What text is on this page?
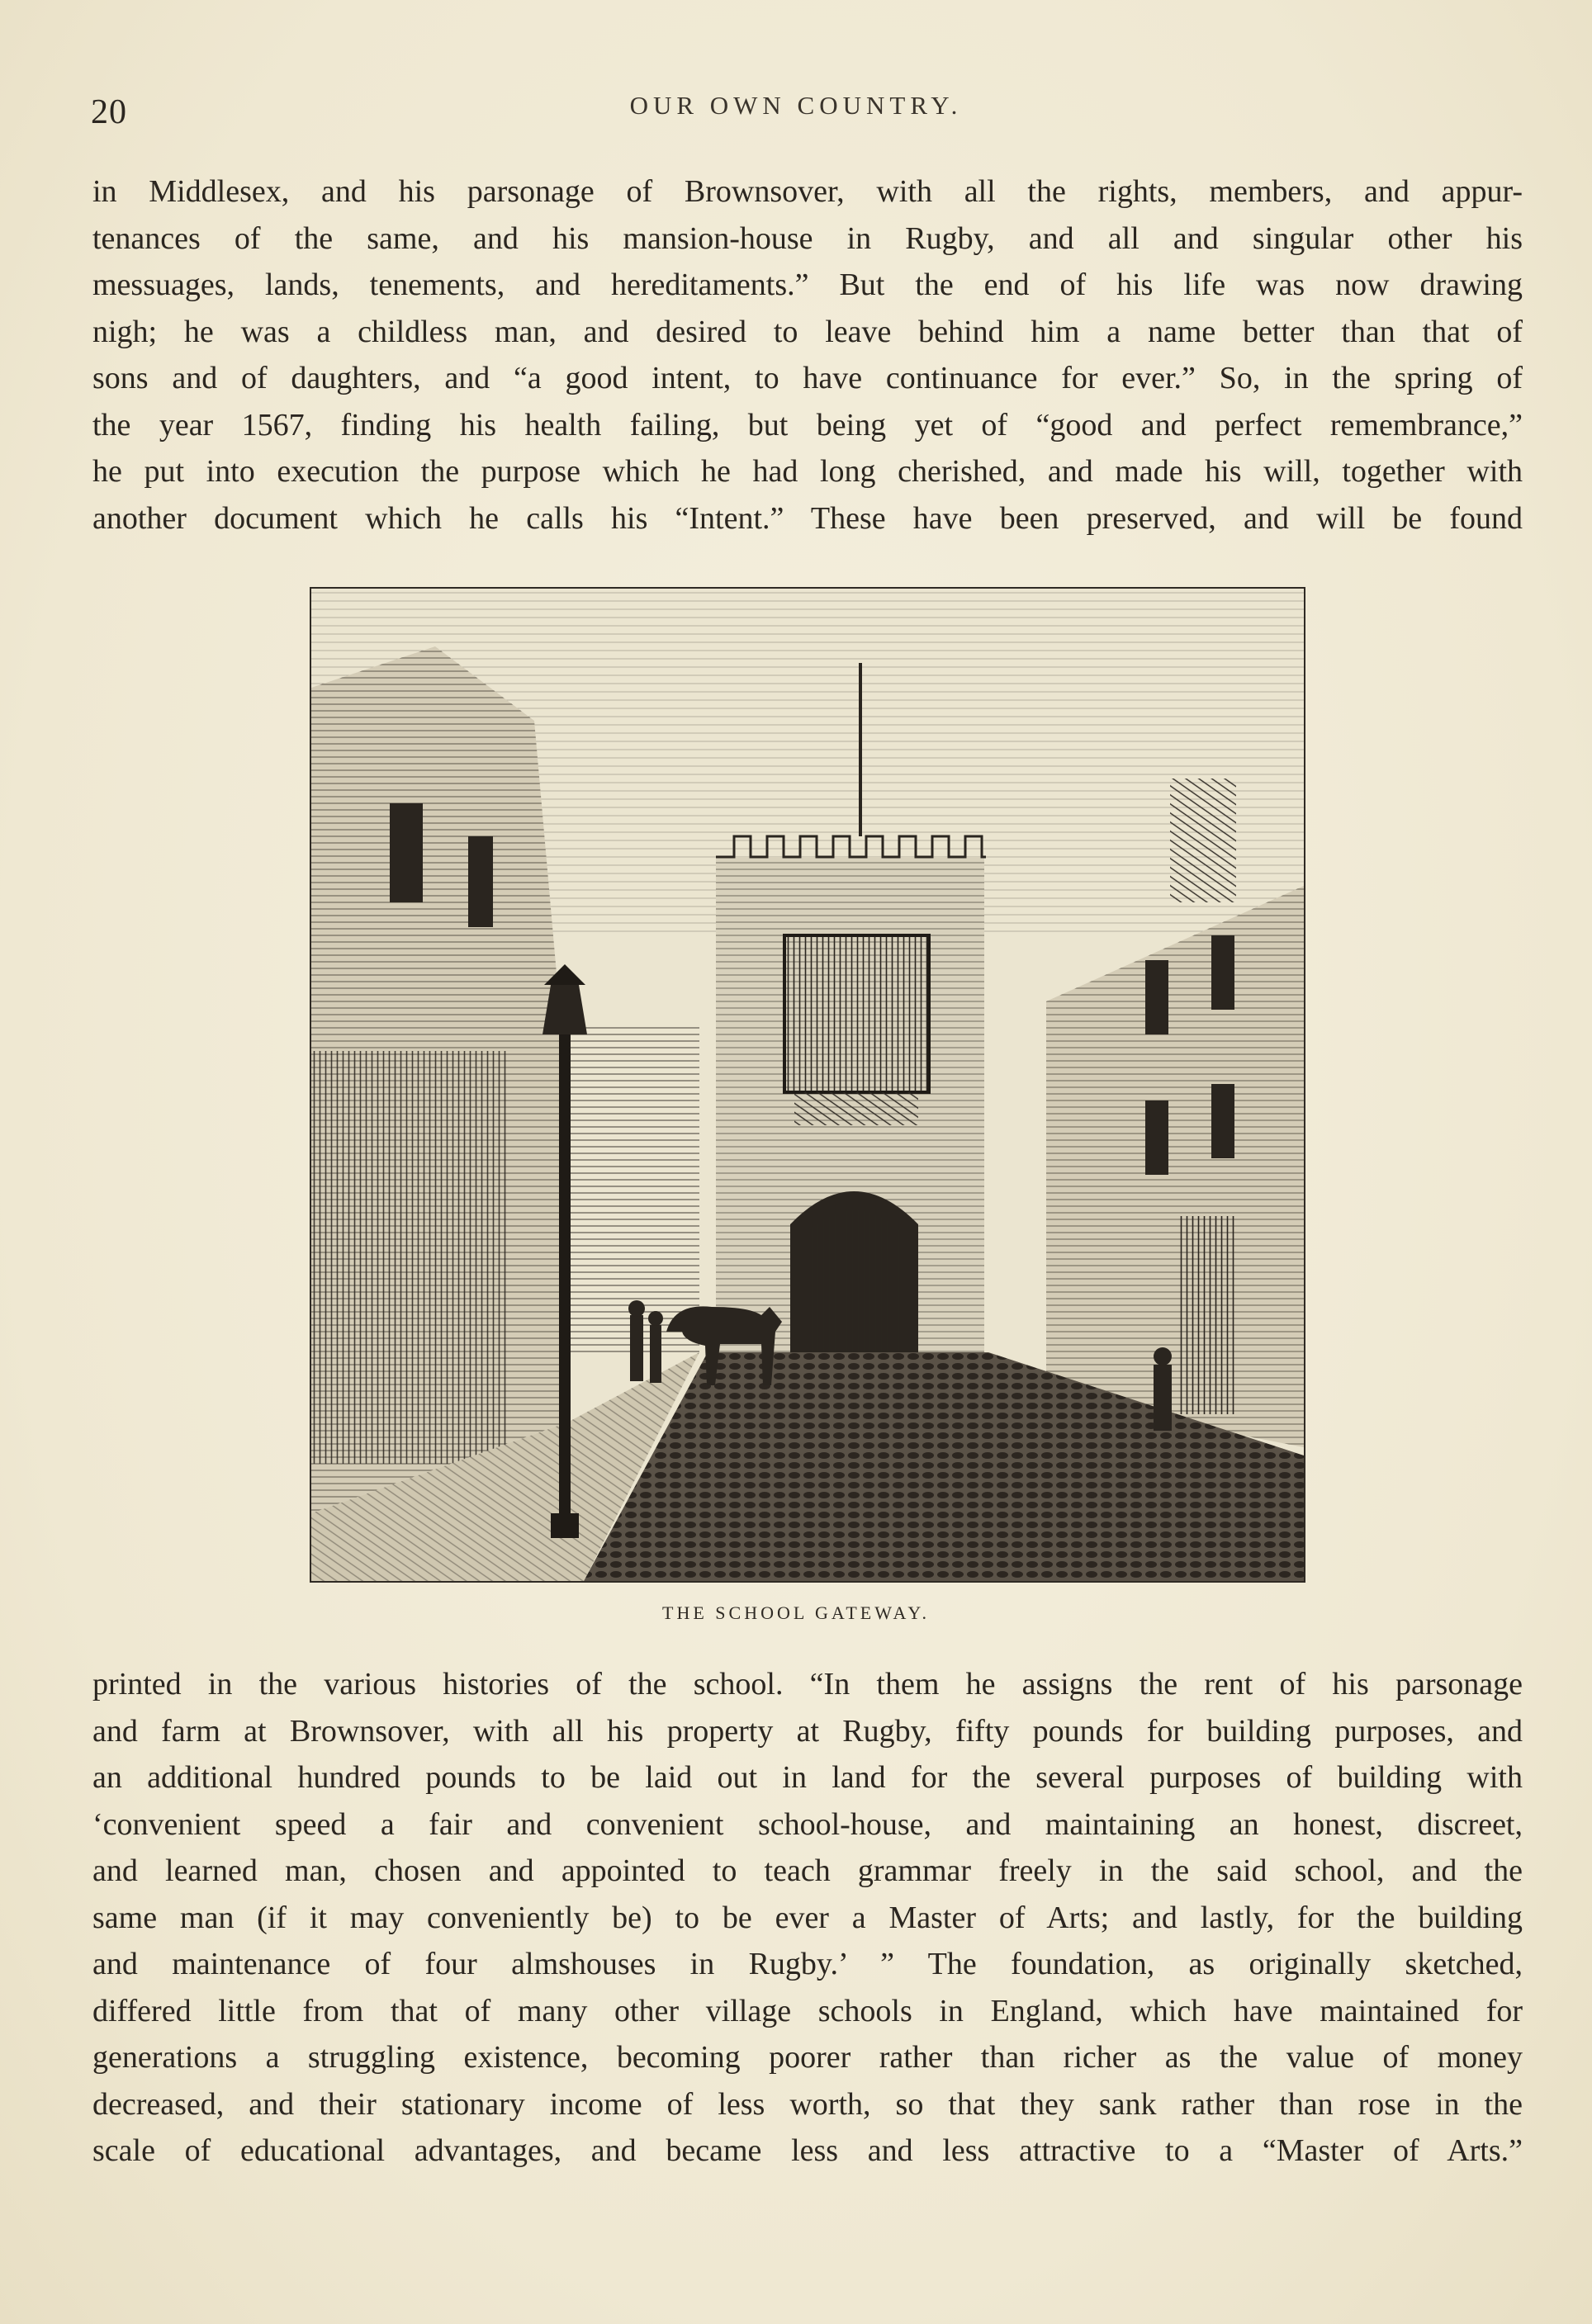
20	OUR OWN COUNTRY.
in Middlesex, and his parsonage of Brownsover, with all the rights, members, and appur-
tenances of the same, and his mansion-house in Rugby, and all and singular other his
messuages, lands, tenements, and hereditaments.” But the end of his life was now drawing
nigh; he was a childless man, and desired to leave behind him a name better than that of
sons and of daughters, and “a good intent, to have continuance for ever.” So, in the spring of
the year 1567, finding his health failing, but being yet of “good and perfect remembrance,”
he put into execution the purpose which he had long cherished, and made his will, together with
another document which he calls his “Intent.” These have been preserved, and will be found
THE SCHOOL GATEWAY.
printed in the various histories of the school. “In them he assigns the rent of his parsonage
and farm at Brownsover, with all his property at Rugby, fifty pounds for building purposes, and
an additional hundred pounds to be laid out in land for the several purposes of building with
‘convenient speed a fair and convenient school-house, and maintaining an honest, discreet,
and learned man, chosen and appointed to teach grammar freely in the said school, and the
same man (if it may conveniently be) to be ever a Master of Arts; and lastly, for the building
and maintenance of four almshouses in Rugby.’ ” The foundation, as originally sketched,
differed little from that of many other village schools in England, which have maintained for
generations a struggling existence, becoming poorer rather than richer as the value of money
decreased, and their stationary income of less worth, so that they sank rather than rose in the
scale of educational advantages, and became less and less attractive to a “Master of Arts.”
